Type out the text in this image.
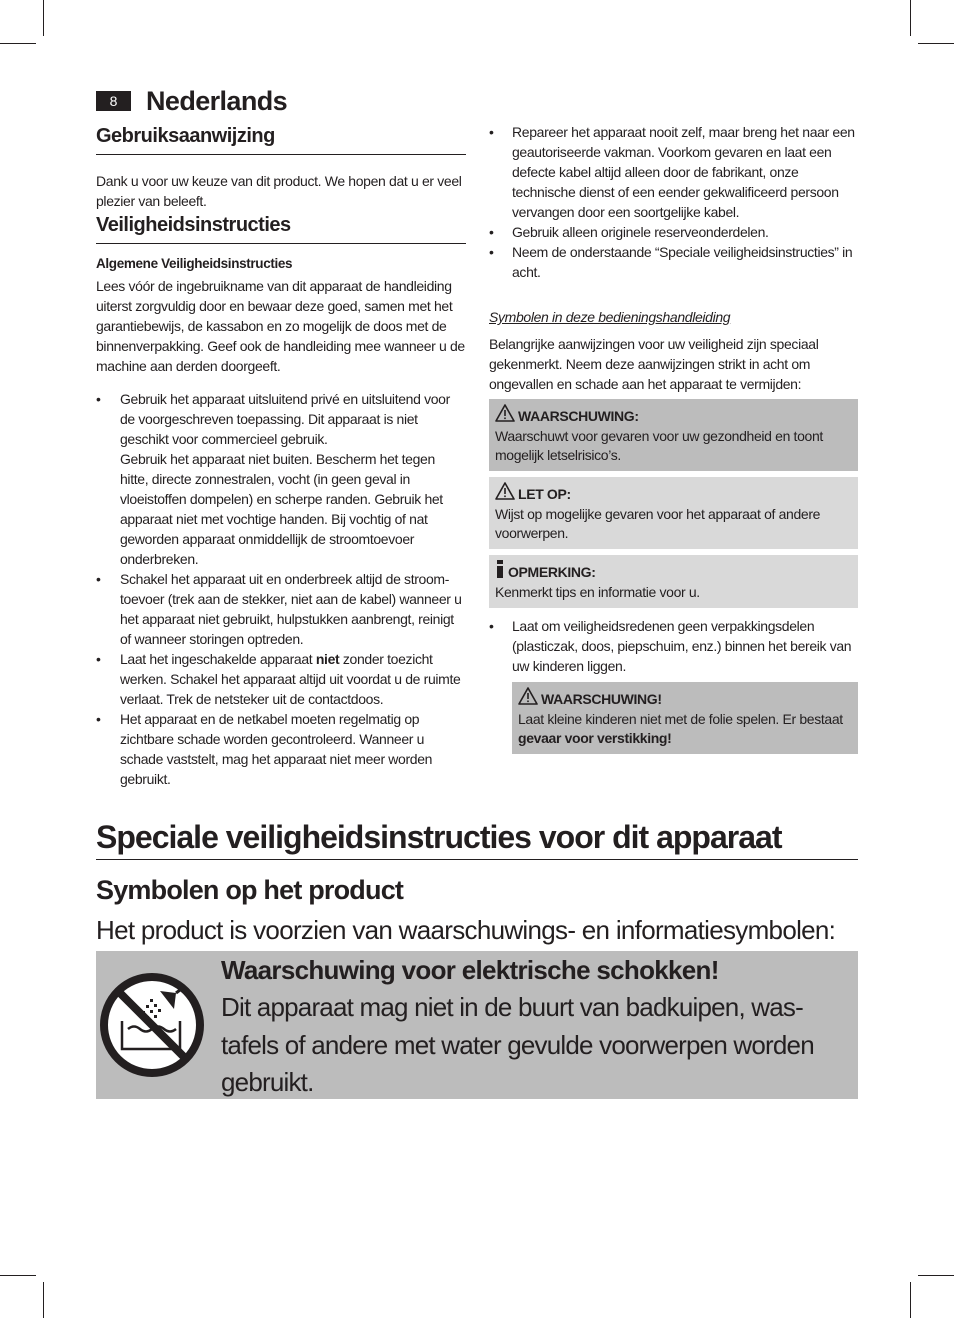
8	Nederlands
Gebruiksaanwijzing

Dank u voor uw keuze van dit product. We hopen dat u er veel plezier van beleeft.

Veiligheidsinstructies

Algemene Veiligheidsinstructies

Lees vóór de ingebruikname van dit apparaat de handleiding uiterst zorgvuldig door en bewaar deze goed, samen met het garantiebewijs, de kassabon en zo mogelijk de doos met de binnenverpakking. Geef ook de handleiding mee wanneer u de machine aan derden doorgeeft.

• Gebruik het apparaat uitsluitend privé en uitsluitend voor de voorgeschreven toepassing. Dit apparaat is niet geschikt voor commercieel gebruik.
Gebruik het apparaat niet buiten. Bescherm het tegen hitte, directe zonnestralen, vocht (in geen geval in vloeistoffen dompelen) en scherpe randen. Gebruik het apparaat niet met vochtige handen. Bij vochtig of nat geworden apparaat onmiddellijk de stroomtoevoer onderbreken.
• Schakel het apparaat uit en onderbreek altijd de stroom-toevoer (trek aan de stekker, niet aan de kabel) wanneer u het apparaat niet gebruikt, hulpstukken aanbrengt, reinigt of wanneer storingen optreden.
• Laat het ingeschakelde apparaat niet zonder toezicht werken. Schakel het apparaat altijd uit voordat u de ruimte verlaat. Trek de netsteker uit de contactdoos.
• Het apparaat en de netkabel moeten regelmatig op zichtbare schade worden gecontroleerd. Wanneer u schade vaststelt, mag het apparaat niet meer worden gebruikt.
• Repareer het apparaat nooit zelf, maar breng het naar een geautoriseerde vakman. Voorkom gevaren en laat een defecte kabel altijd alleen door de fabrikant, onze technische dienst of een eender gekwalificeerd persoon vervangen door een soortgelijke kabel.
• Gebruik alleen originele reserveonderdelen.
• Neem de onderstaande “Speciale veiligheidsinstructies” in acht.

Symbolen in deze bedieningshandleiding

Belangrijke aanwijzingen voor uw veiligheid zijn speciaal gekenmerkt. Neem deze aanwijzingen strikt in acht om ongevallen en schade aan het apparaat te vermijden:

WAARSCHUWING:
Waarschuwt voor gevaren voor uw gezondheid en toont mogelijk letselrisico’s.
LET OP:
Wijst op mogelijke gevaren voor het apparaat of andere voorwerpen.
OPMERKING:
Kenmerkt tips en informatie voor u.
• Laat om veiligheidsredenen geen verpakkingsdelen (plasticzak, doos, piepschuim, enz.) binnen het bereik van uw kinderen liggen.
WAARSCHUWING!
Laat kleine kinderen niet met de folie spelen. Er bestaat gevaar voor verstikking!
Speciale veiligheidsinstructies voor dit apparaat
Symbolen op het product
Het product is voorzien van waarschuwings- en informatiesymbolen:
Waarschuwing voor elektrische schokken!
Dit apparaat mag niet in de buurt van badkuipen, was-tafels of andere met water gevulde voorwerpen worden gebruikt.
